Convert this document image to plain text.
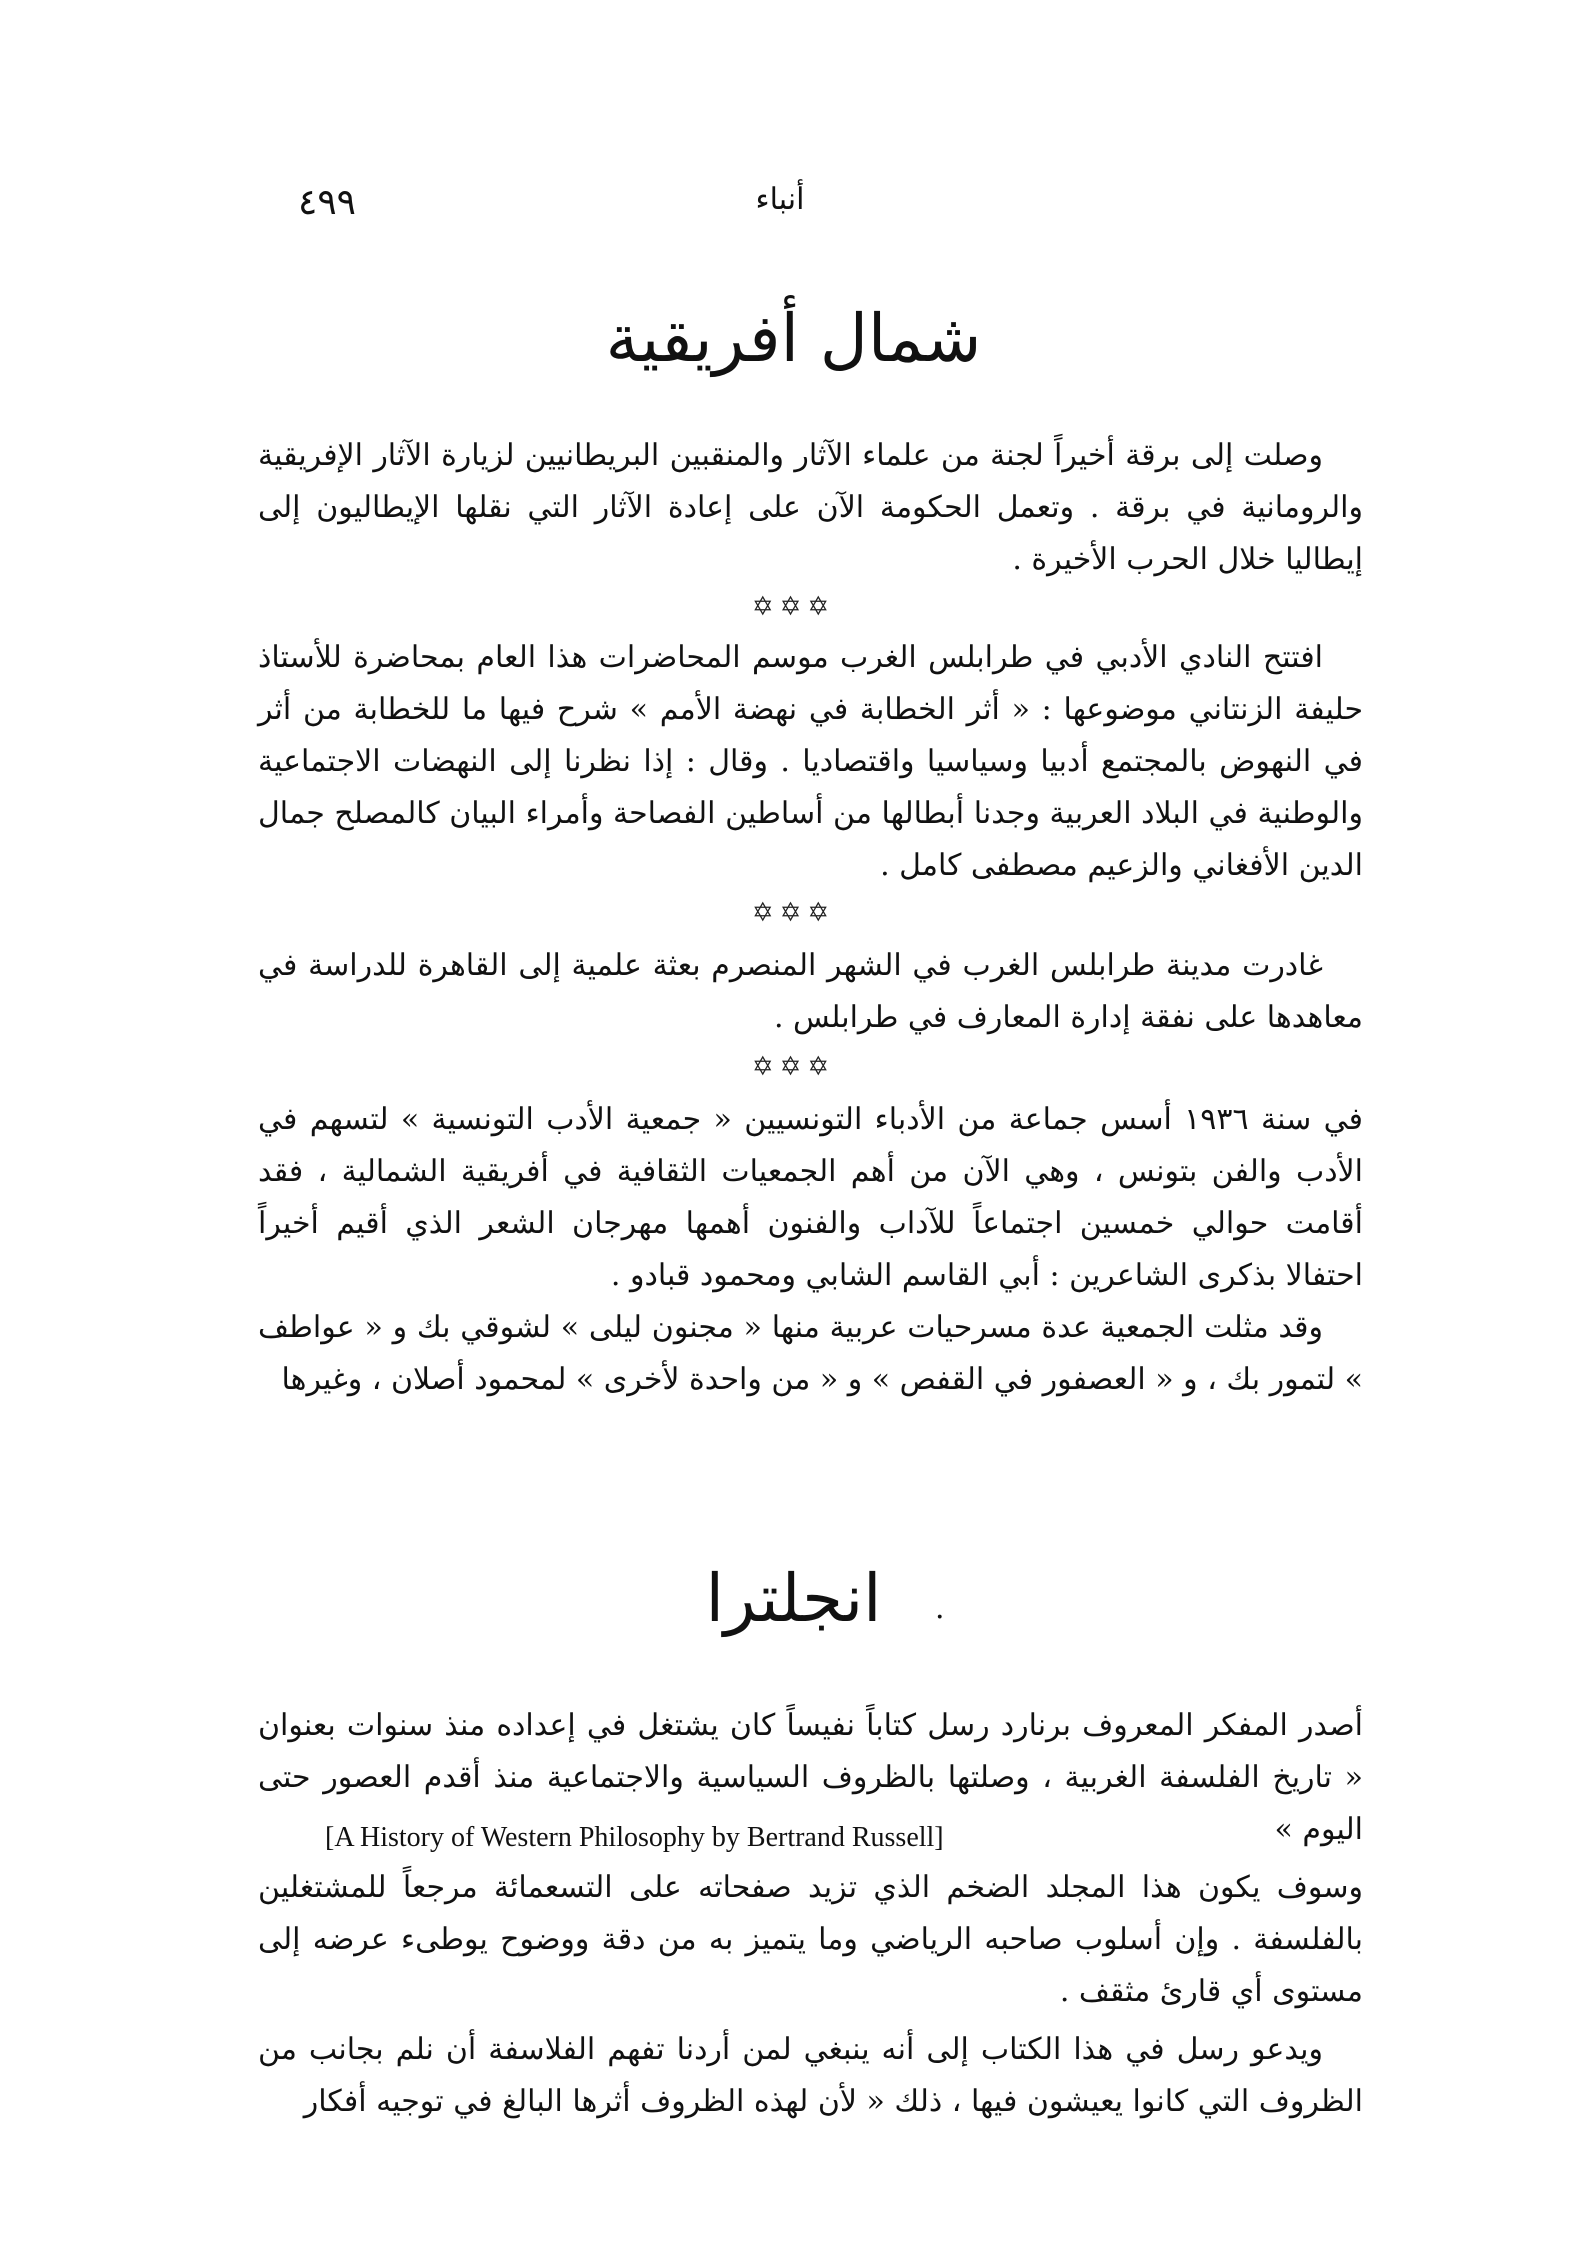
٤٩٩	أنباء
شمال أفريقية

وصلت إلى برقة أخيراً لجنة من علماء الآثار والمنقبين البريطانيين لزيارة الآثار الإفريقية والرومانية في برقة . وتعمل الحكومة الآن على إعادة الآثار التي نقلها الإيطاليون إلى إيطاليا خلال الحرب الأخيرة .

✡✡✡

افتتح النادي الأدبي في طرابلس الغرب موسم المحاضرات هذا العام بمحاضرة للأستاذ حليفة الزنتاني موضوعها : « أثر الخطابة في نهضة الأمم » شرح فيها ما للخطابة من أثر في النهوض بالمجتمع أدبيا وسياسيا واقتصاديا . وقال : إذا نظرنا إلى النهضات الاجتماعية والوطنية في البلاد العربية وجدنا أبطالها من أساطين الفصاحة وأمراء البيان كالمصلح جمال الدين الأفغاني والزعيم مصطفى كامل .

✡✡✡

غادرت مدينة طرابلس الغرب في الشهر المنصرم بعثة علمية إلى القاهرة للدراسة في معاهدها على نفقة إدارة المعارف في طرابلس .

✡✡✡

في سنة ١٩٣٦ أسس جماعة من الأدباء التونسيين « جمعية الأدب التونسية » لتسهم في الأدب والفن بتونس ، وهي الآن من أهم الجمعيات الثقافية في أفريقية الشمالية ، فقد أقامت حوالي خمسين اجتماعاً للآداب والفنون أهمها مهرجان الشعر الذي أقيم أخيراً احتفالا بذكرى الشاعرين : أبي القاسم الشابي ومحمود قبادو .

وقد مثلت الجمعية عدة مسرحيات عربية منها « مجنون ليلى » لشوقي بك و « عواطف » لتمور بك ، و « العصفور في القفص » و « من واحدة لأخرى » لمحمود أصلان ، وغيرها

انجلترا	·

أصدر المفكر المعروف برنارد رسل كتاباً نفيساً كان يشتغل في إعداده منذ سنوات بعنوان « تاريخ الفلسفة الغربية ، وصلتها بالظروف السياسية والاجتماعية منذ أقدم العصور حتى اليوم »

[A History of Western Philosophy by Bertrand Russell]

وسوف يكون هذا المجلد الضخم الذي تزيد صفحاته على التسعمائة مرجعاً للمشتغلين بالفلسفة . وإن أسلوب صاحبه الرياضي وما يتميز به من دقة ووضوح يوطىء عرضه إلى مستوى أي قارئ مثقف .

ويدعو رسل في هذا الكتاب إلى أنه ينبغي لمن أردنا تفهم الفلاسفة أن نلم بجانب من الظروف التي كانوا يعيشون فيها ، ذلك « لأن لهذه الظروف أثرها البالغ في توجيه أفكار
